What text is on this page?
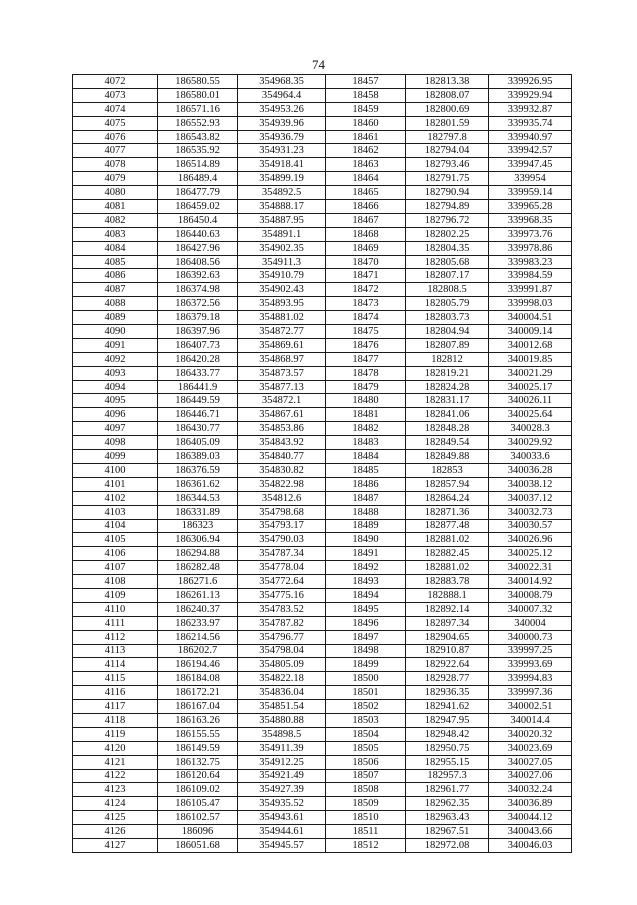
74
4072	186580.55	354968.35	18457	182813.38	339926.95
4073	186580.01	354964.4	18458	182808.07	339929.94
4074	186571.16	354953.26	18459	182800.69	339932.87
4075	186552.93	354939.96	18460	182801.59	339935.74
4076	186543.82	354936.79	18461	182797.8	339940.97
4077	186535.92	354931.23	18462	182794.04	339942.57
4078	186514.89	354918.41	18463	182793.46	339947.45
4079	186489.4	354899.19	18464	182791.75	339954
4080	186477.79	354892.5	18465	182790.94	339959.14
4081	186459.02	354888.17	18466	182794.89	339965.28
4082	186450.4	354887.95	18467	182796.72	339968.35
4083	186440.63	354891.1	18468	182802.25	339973.76
4084	186427.96	354902.35	18469	182804.35	339978.86
4085	186408.56	354911.3	18470	182805.68	339983.23
4086	186392.63	354910.79	18471	182807.17	339984.59
4087	186374.98	354902.43	18472	182808.5	339991.87
4088	186372.56	354893.95	18473	182805.79	339998.03
4089	186379.18	354881.02	18474	182803.73	340004.51
4090	186397.96	354872.77	18475	182804.94	340009.14
4091	186407.73	354869.61	18476	182807.89	340012.68
4092	186420.28	354868.97	18477	182812	340019.85
4093	186433.77	354873.57	18478	182819.21	340021.29
4094	186441.9	354877.13	18479	182824.28	340025.17
4095	186449.59	354872.1	18480	182831.17	340026.11
4096	186446.71	354867.61	18481	182841.06	340025.64
4097	186430.77	354853.86	18482	182848.28	340028.3
4098	186405.09	354843.92	18483	182849.54	340029.92
4099	186389.03	354840.77	18484	182849.88	340033.6
4100	186376.59	354830.82	18485	182853	340036.28
4101	186361.62	354822.98	18486	182857.94	340038.12
4102	186344.53	354812.6	18487	182864.24	340037.12
4103	186331.89	354798.68	18488	182871.36	340032.73
4104	186323	354793.17	18489	182877.48	340030.57
4105	186306.94	354790.03	18490	182881.02	340026.96
4106	186294.88	354787.34	18491	182882.45	340025.12
4107	186282.48	354778.04	18492	182881.02	340022.31
4108	186271.6	354772.64	18493	182883.78	340014.92
4109	186261.13	354775.16	18494	182888.1	340008.79
4110	186240.37	354783.52	18495	182892.14	340007.32
4111	186233.97	354787.82	18496	182897.34	340004
4112	186214.56	354796.77	18497	182904.65	340000.73
4113	186202.7	354798.04	18498	182910.87	339997.25
4114	186194.46	354805.09	18499	182922.64	339993.69
4115	186184.08	354822.18	18500	182928.77	339994.83
4116	186172.21	354836.04	18501	182936.35	339997.36
4117	186167.04	354851.54	18502	182941.62	340002.51
4118	186163.26	354880.88	18503	182947.95	340014.4
4119	186155.55	354898.5	18504	182948.42	340020.32
4120	186149.59	354911.39	18505	182950.75	340023.69
4121	186132.75	354912.25	18506	182955.15	340027.05
4122	186120.64	354921.49	18507	182957.3	340027.06
4123	186109.02	354927.39	18508	182961.77	340032.24
4124	186105.47	354935.52	18509	182962.35	340036.89
4125	186102.57	354943.61	18510	182963.43	340044.12
4126	186096	354944.61	18511	182967.51	340043.66
4127	186051.68	354945.57	18512	182972.08	340046.03
